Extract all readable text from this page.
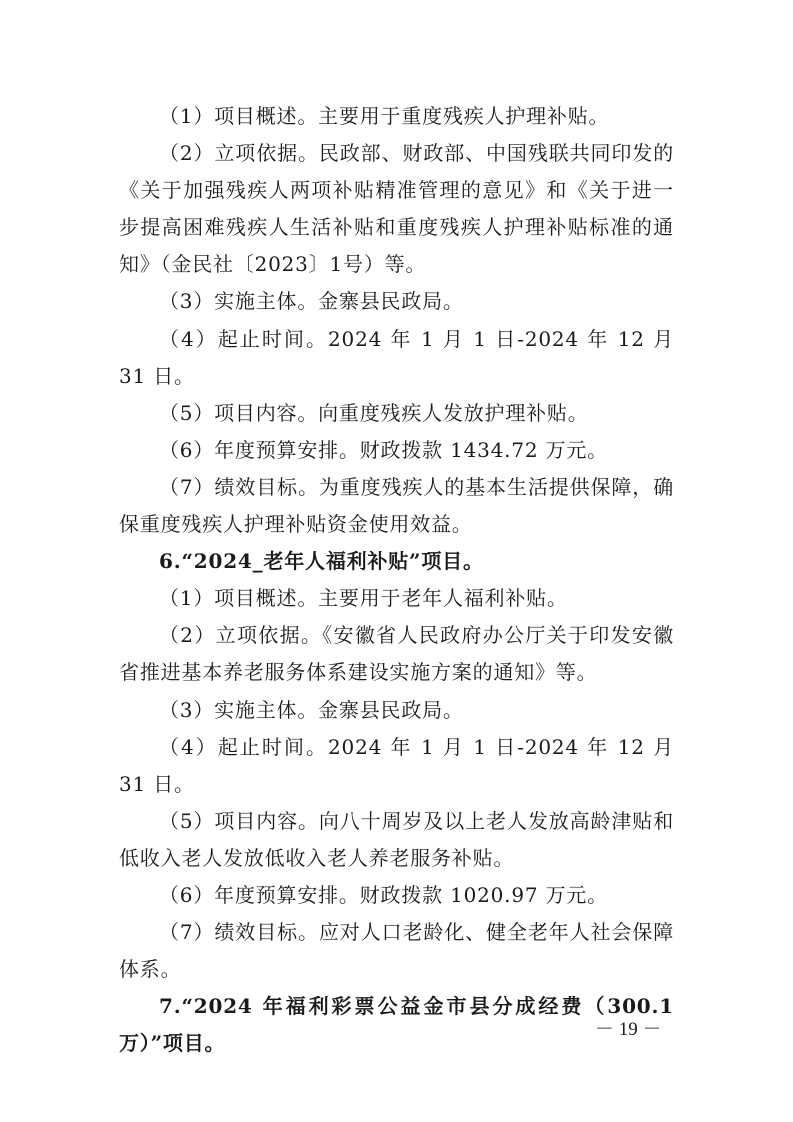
（1）项目概述。主要用于重度残疾人护理补贴。

（2）立项依据。民政部、财政部、中国残联共同印发的《关于加强残疾人两项补贴精准管理的意见》和《关于进一步提高困难残疾人生活补贴和重度残疾人护理补贴标准的通知》（金民社〔2023〕1号）等。

（3）实施主体。金寨县民政局。

（4）起止时间。2024 年 1 月 1 日-2024 年 12 月 31 日。

（5）项目内容。向重度残疾人发放护理补贴。

（6）年度预算安排。财政拨款 1434.72 万元。

（7）绩效目标。为重度残疾人的基本生活提供保障，确保重度残疾人护理补贴资金使用效益。

6.“2024_老年人福利补贴”项目。

（1）项目概述。主要用于老年人福利补贴。

（2）立项依据。《安徽省人民政府办公厅关于印发安徽省推进基本养老服务体系建设实施方案的通知》等。

（3）实施主体。金寨县民政局。

（4）起止时间。2024 年 1 月 1 日-2024 年 12 月 31 日。

（5）项目内容。向八十周岁及以上老人发放高龄津贴和低收入老人发放低收入老人养老服务补贴。

（6）年度预算安排。财政拨款 1020.97 万元。

（7）绩效目标。应对人口老龄化、健全老年人社会保障体系。

7.“2024 年福利彩票公益金市县分成经费（300.1 万）”项目。

－ 19 －
